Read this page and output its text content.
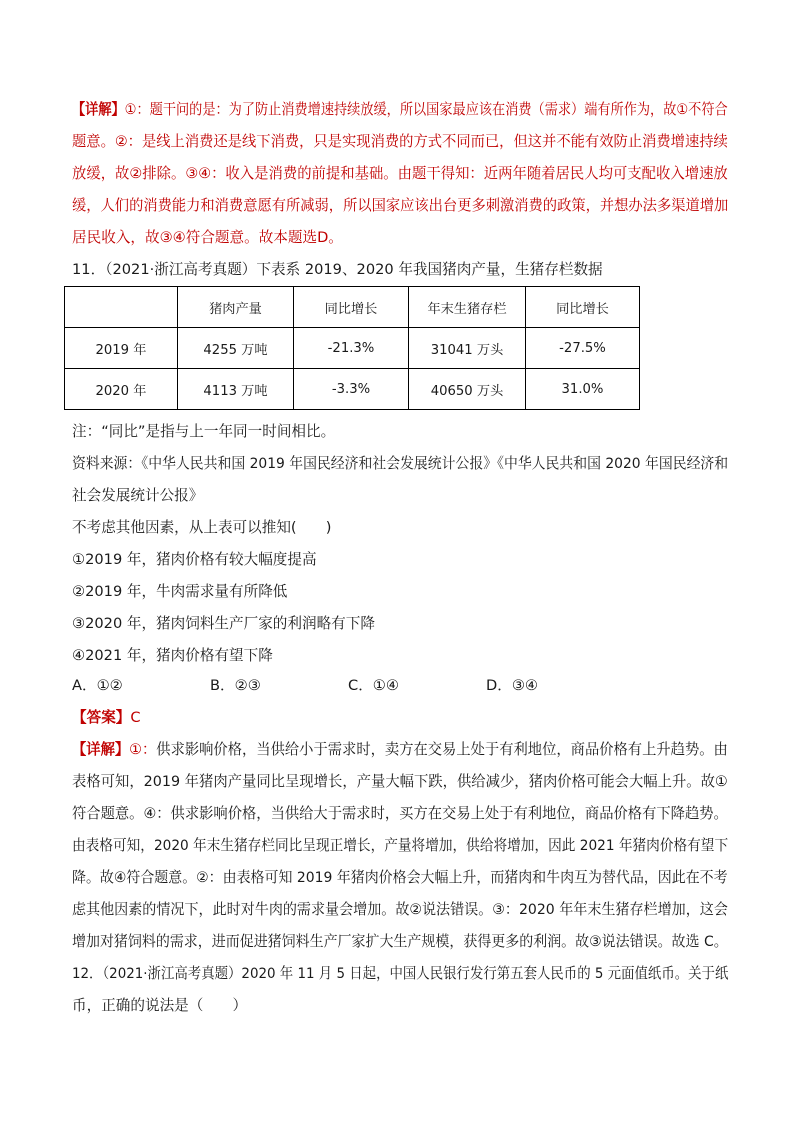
【详解】①：题干问的是：为了防止消费增速持续放缓，所以国家最应该在消费（需求）端有所作为，故①不符合
题意。②：是线上消费还是线下消费，只是实现消费的方式不同而已，但这并不能有效防止消费增速持续
放缓，故②排除。③④：收入是消费的前提和基础。由题干得知：近两年随着居民人均可支配收入增速放
缓，人们的消费能力和消费意愿有所减弱，所以国家应该出台更多刺激消费的政策，并想办法多渠道增加
居民收入，故③④符合题意。故本题选D。
11．（2021·浙江高考真题）下表系 2019、2020 年我国猪肉产量，生猪存栏数据
	猪肉产量	同比增长	年末生猪存栏	同比增长
2019 年	4255 万吨	-21.3%	31041 万头	-27.5%
2020 年	4113 万吨	-3.3%	40650 万头	31.0%
注：“同比”是指与上一年同一时间相比。
资料来源：《中华人民共和国 2019 年国民经济和社会发展统计公报》《中华人民共和国 2020 年国民经济和
社会发展统计公报》
不考虑其他因素，从上表可以推知(　　)
①2019 年，猪肉价格有较大幅度提高
②2019 年，牛肉需求量有所降低
③2020 年，猪肉饲料生产厂家的利润略有下降
④2021 年，猪肉价格有望下降
A．①②	B．②③	C．①④	D．③④
【答案】C
【详解】①：供求影响价格，当供给小于需求时，卖方在交易上处于有利地位，商品价格有上升趋势。由
表格可知，2019 年猪肉产量同比呈现增长，产量大幅下跌，供给减少，猪肉价格可能会大幅上升。故①
符合题意。④：供求影响价格，当供给大于需求时，买方在交易上处于有利地位，商品价格有下降趋势。
由表格可知，2020 年末生猪存栏同比呈现正增长，产量将增加，供给将增加，因此 2021 年猪肉价格有望下
降。故④符合题意。②：由表格可知 2019 年猪肉价格会大幅上升，而猪肉和牛肉互为替代品，因此在不考
虑其他因素的情况下，此时对牛肉的需求量会增加。故②说法错误。③：2020 年年末生猪存栏增加，这会
增加对猪饲料的需求，进而促进猪饲料生产厂家扩大生产规模，获得更多的利润。故③说法错误。故选 C。
12．（2021·浙江高考真题）2020 年 11 月 5 日起，中国人民银行发行第五套人民币的 5 元面值纸币。关于纸
币，正确的说法是（　　）
